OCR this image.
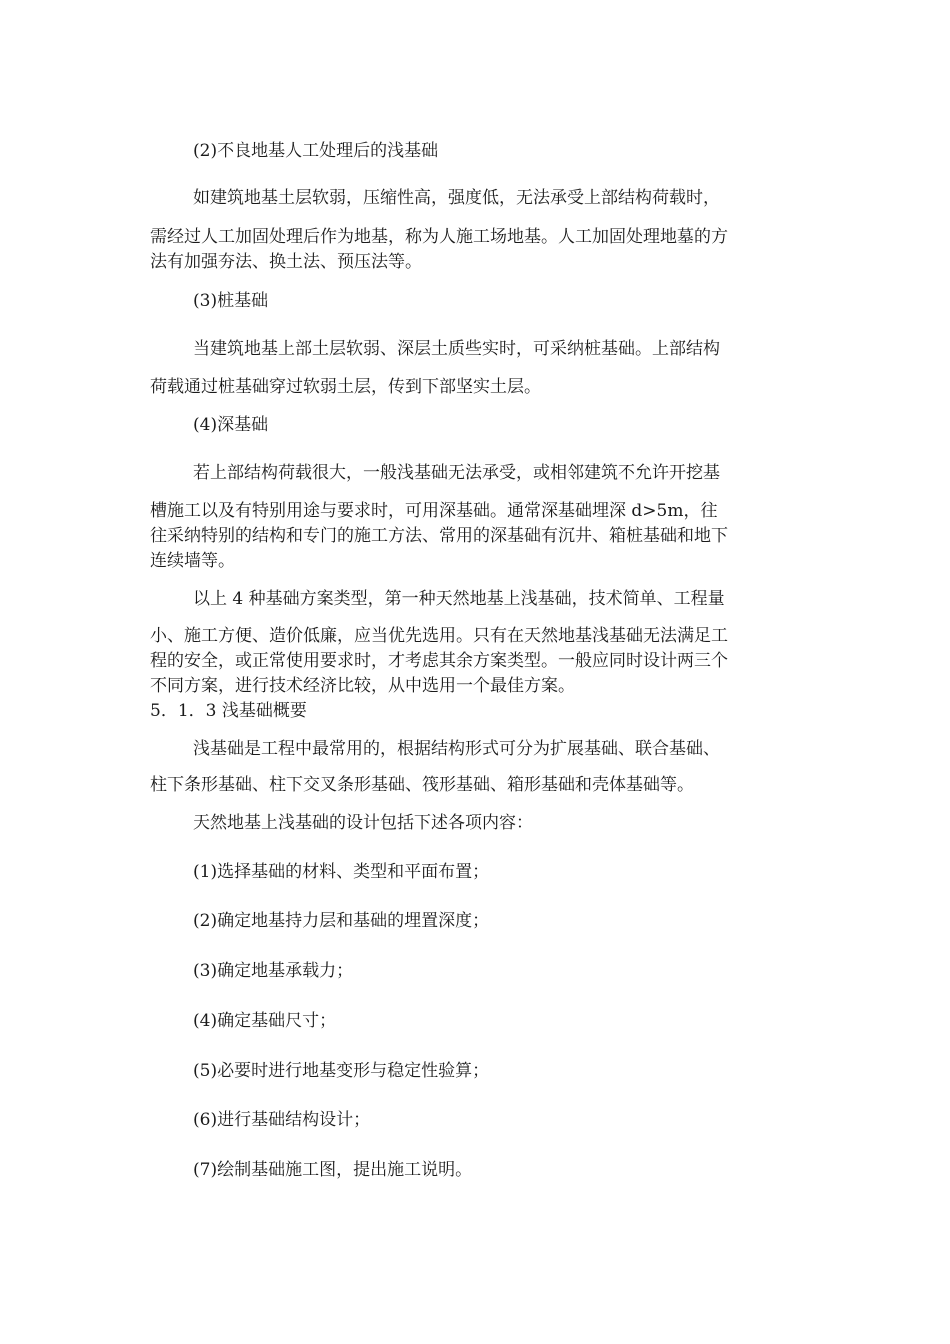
(2)不良地基人工处理后的浅基础
如建筑地基土层软弱，压缩性高，强度低，无法承受上部结构荷载时，
需经过人工加固处理后作为地基，称为人施工场地基。人工加固处理地墓的方
法有加强夯法、换土法、预压法等。
(3)桩基础
当建筑地基上部土层软弱、深层土质些实时，可采纳桩基础。上部结构
荷载通过桩基础穿过软弱土层，传到下部坚实土层。
(4)深基础
若上部结构荷载很大，一般浅基础无法承受，或相邻建筑不允许开挖基
槽施工以及有特别用途与要求时，可用深基础。通常深基础埋深 d>5m，往
往采纳特别的结构和专门的施工方法、常用的深基础有沉井、箱桩基础和地下
连续墙等。
以上 4 种基础方案类型，第一种天然地基上浅基础，技术简单、工程量
小、施工方便、造价低廉，应当优先选用。只有在天然地基浅基础无法满足工
程的安全，或正常使用要求时，才考虑其余方案类型。一般应同时设计两三个
不同方案，进行技术经济比较，从中选用一个最佳方案。
5．1．3 浅基础概要
浅基础是工程中最常用的，根据结构形式可分为扩展基础、联合基础、
柱下条形基础、柱下交叉条形基础、筏形基础、箱形基础和壳体基础等。
天然地基上浅基础的设计包括下述各项内容：
(1)选择基础的材料、类型和平面布置；
(2)确定地基持力层和基础的埋置深度；
(3)确定地基承载力；
(4)确定基础尺寸；
(5)必要时进行地基变形与稳定性验算；
(6)进行基础结构设计；
(7)绘制基础施工图，提出施工说明。
